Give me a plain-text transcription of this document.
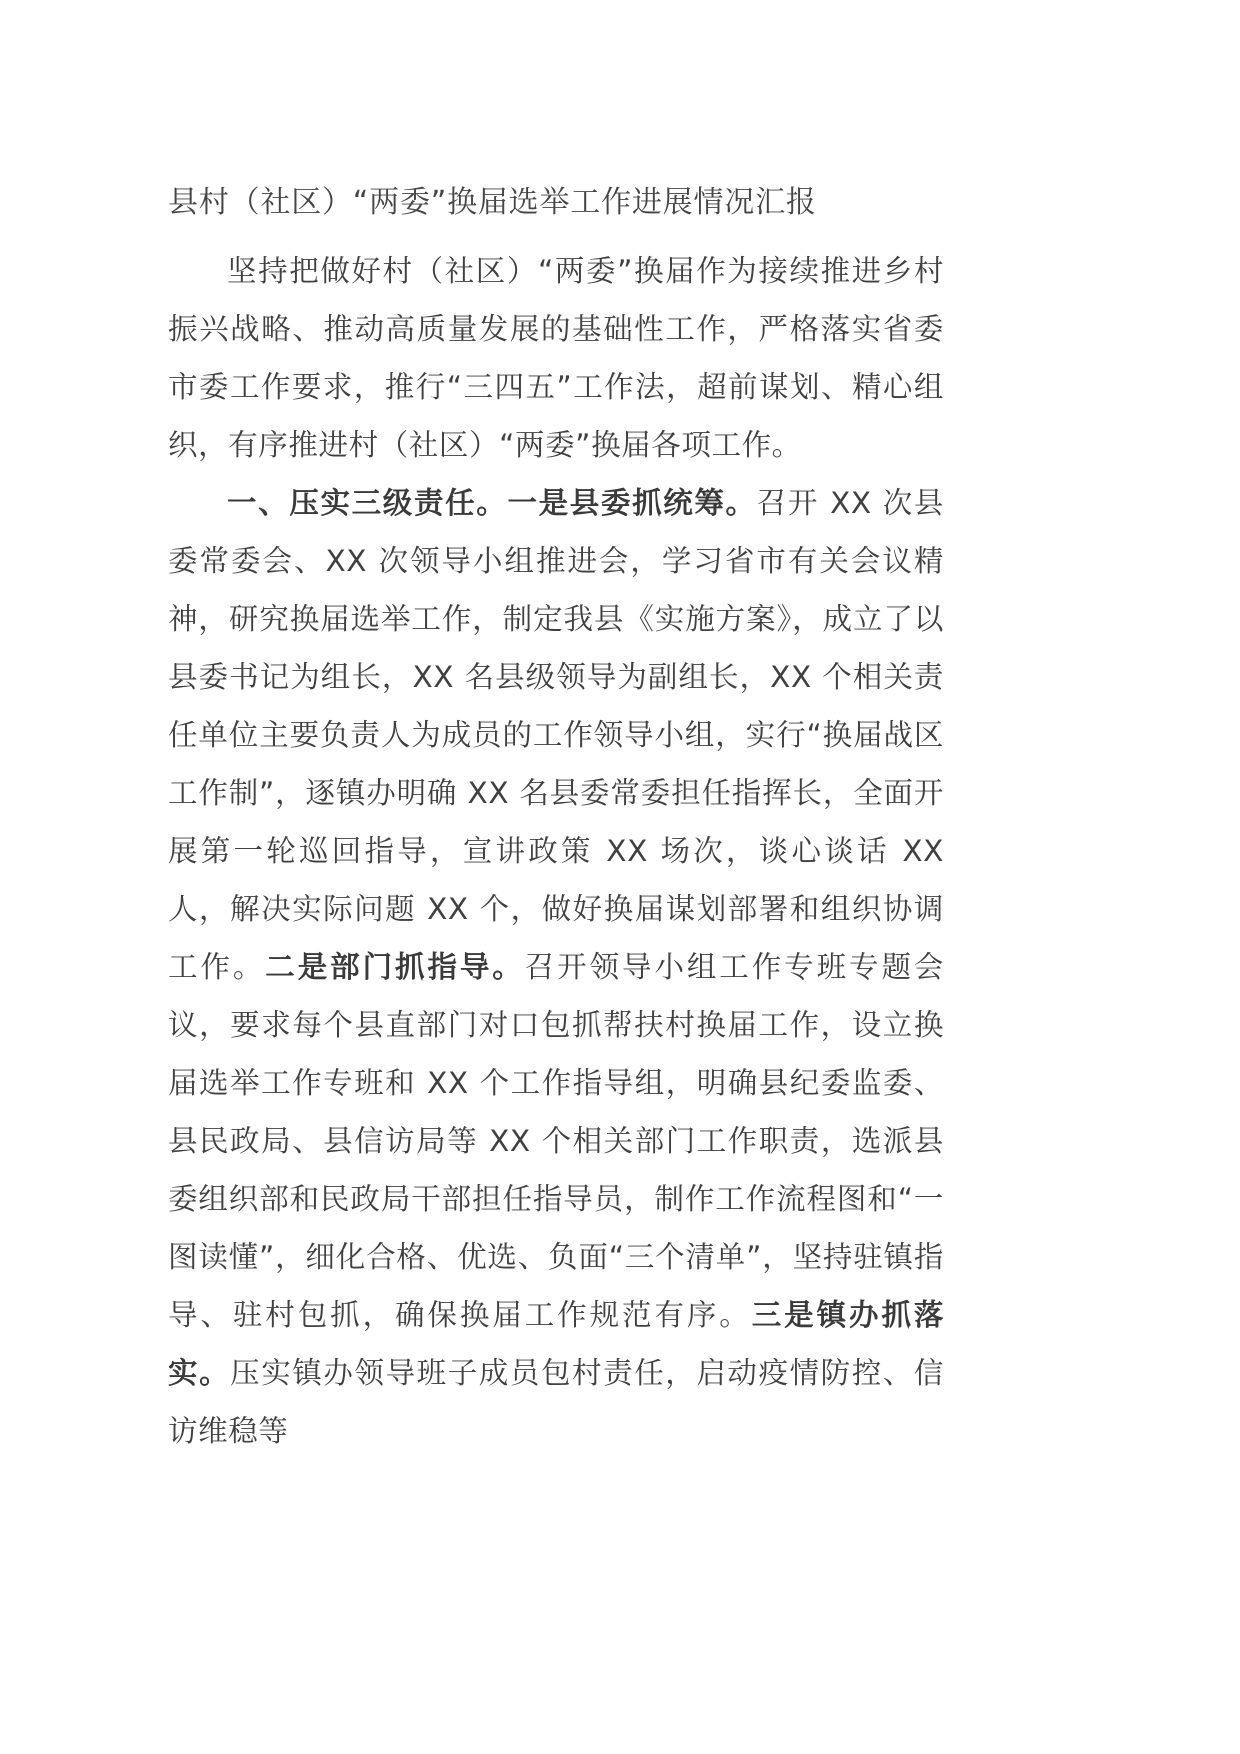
县村（社区）“两委”换届选举工作进展情况汇报

坚持把做好村（社区）“两委”换届作为接续推进乡村振兴战略、推动高质量发展的基础性工作，严格落实省委市委工作要求，推行“三四五”工作法，超前谋划、精心组织，有序推进村（社区）“两委”换届各项工作。

一、压实三级责任。一是县委抓统筹。召开 XX 次县委常委会、XX 次领导小组推进会，学习省市有关会议精神，研究换届选举工作，制定我县《实施方案》，成立了以县委书记为组长，XX 名县级领导为副组长，XX 个相关责任单位主要负责人为成员的工作领导小组，实行“换届战区工作制”，逐镇办明确 XX 名县委常委担任指挥长，全面开展第一轮巡回指导，宣讲政策 XX 场次，谈心谈话 XX 人，解决实际问题 XX 个，做好换届谋划部署和组织协调工作。二是部门抓指导。召开领导小组工作专班专题会议，要求每个县直部门对口包抓帮扶村换届工作，设立换届选举工作专班和 XX 个工作指导组，明确县纪委监委、县民政局、县信访局等 XX 个相关部门工作职责，选派县委组织部和民政局干部担任指导员，制作工作流程图和“一图读懂”，细化合格、优选、负面“三个清单”，坚持驻镇指导、驻村包抓，确保换届工作规范有序。三是镇办抓落实。压实镇办领导班子成员包村责任，启动疫情防控、信访维稳等
